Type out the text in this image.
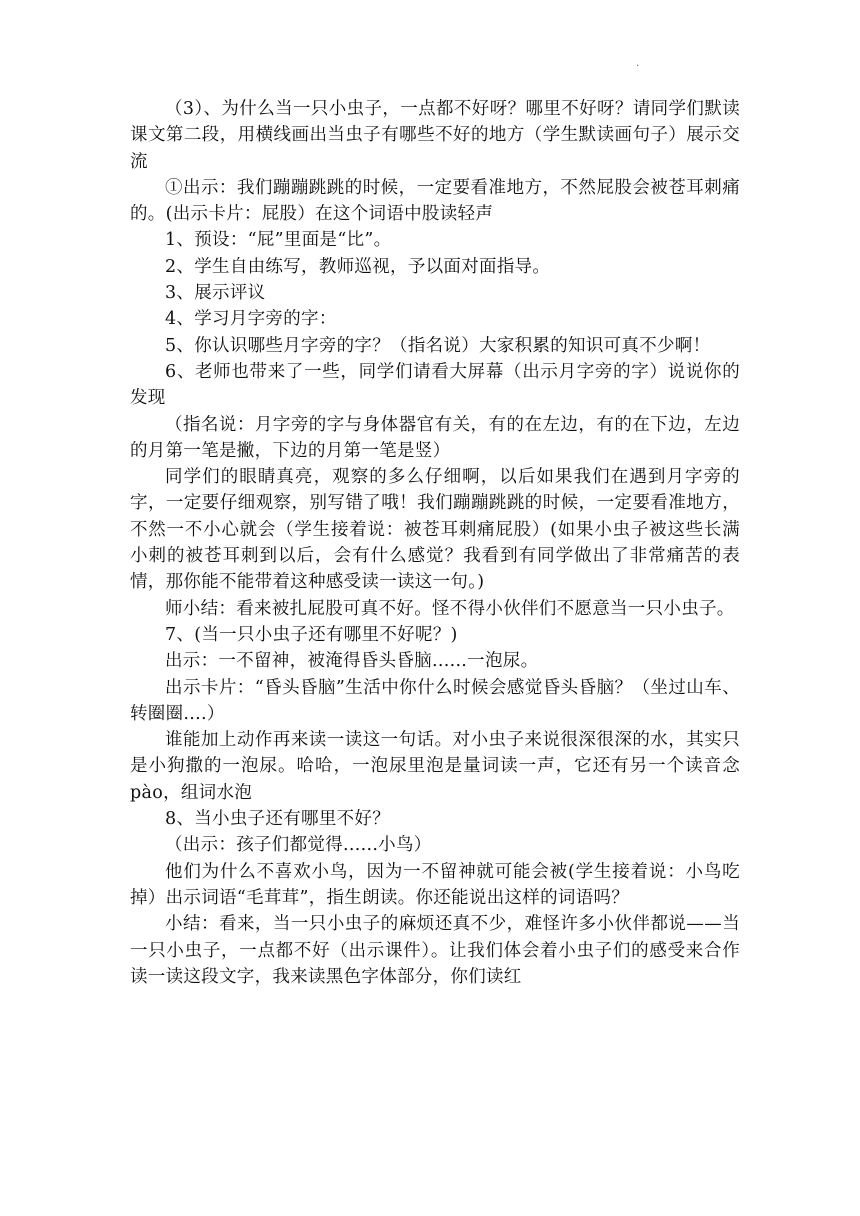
.

（3）、为什么当一只小虫子，一点都不好呀？哪里不好呀？请同学们默读课文第二段，用横线画出当虫子有哪些不好的地方（学生默读画句子）展示交流

①出示：我们蹦蹦跳跳的时候，一定要看准地方，不然屁股会被苍耳刺痛的。(出示卡片：屁股）在这个词语中股读轻声

1、预设：“屁”里面是“比”。

2、学生自由练写，教师巡视，予以面对面指导。

3、展示评议

4、学习月字旁的字：

5、你认识哪些月字旁的字？（指名说）大家积累的知识可真不少啊！

6、老师也带来了一些，同学们请看大屏幕（出示月字旁的字）说说你的发现

（指名说：月字旁的字与身体器官有关，有的在左边，有的在下边，左边的月第一笔是撇，下边的月第一笔是竖）

同学们的眼睛真亮，观察的多么仔细啊，以后如果我们在遇到月字旁的字，一定要仔细观察，别写错了哦！我们蹦蹦跳跳的时候，一定要看准地方，不然一不小心就会（学生接着说：被苍耳刺痛屁股）(如果小虫子被这些长满小刺的被苍耳刺到以后，会有什么感觉？我看到有同学做出了非常痛苦的表情，那你能不能带着这种感受读一读这一句。)

师小结：看来被扎屁股可真不好。怪不得小伙伴们不愿意当一只小虫子。

7、(当一只小虫子还有哪里不好呢？)

出示：一不留神，被淹得昏头昏脑......一泡尿。

出示卡片：“昏头昏脑”生活中你什么时候会感觉昏头昏脑？（坐过山车、转圈圈....）

谁能加上动作再来读一读这一句话。对小虫子来说很深很深的水，其实只是小狗撒的一泡尿。哈哈，一泡尿里泡是量词读一声，它还有另一个读音念 pào，组词水泡

8、当小虫子还有哪里不好？

（出示：孩子们都觉得......小鸟）

他们为什么不喜欢小鸟，因为一不留神就可能会被(学生接着说：小鸟吃掉）出示词语“毛茸茸”，指生朗读。你还能说出这样的词语吗？

小结：看来，当一只小虫子的麻烦还真不少，难怪许多小伙伴都说——当一只小虫子，一点都不好（出示课件）。让我们体会着小虫子们的感受来合作读一读这段文字，我来读黑色字体部分，你们读红
